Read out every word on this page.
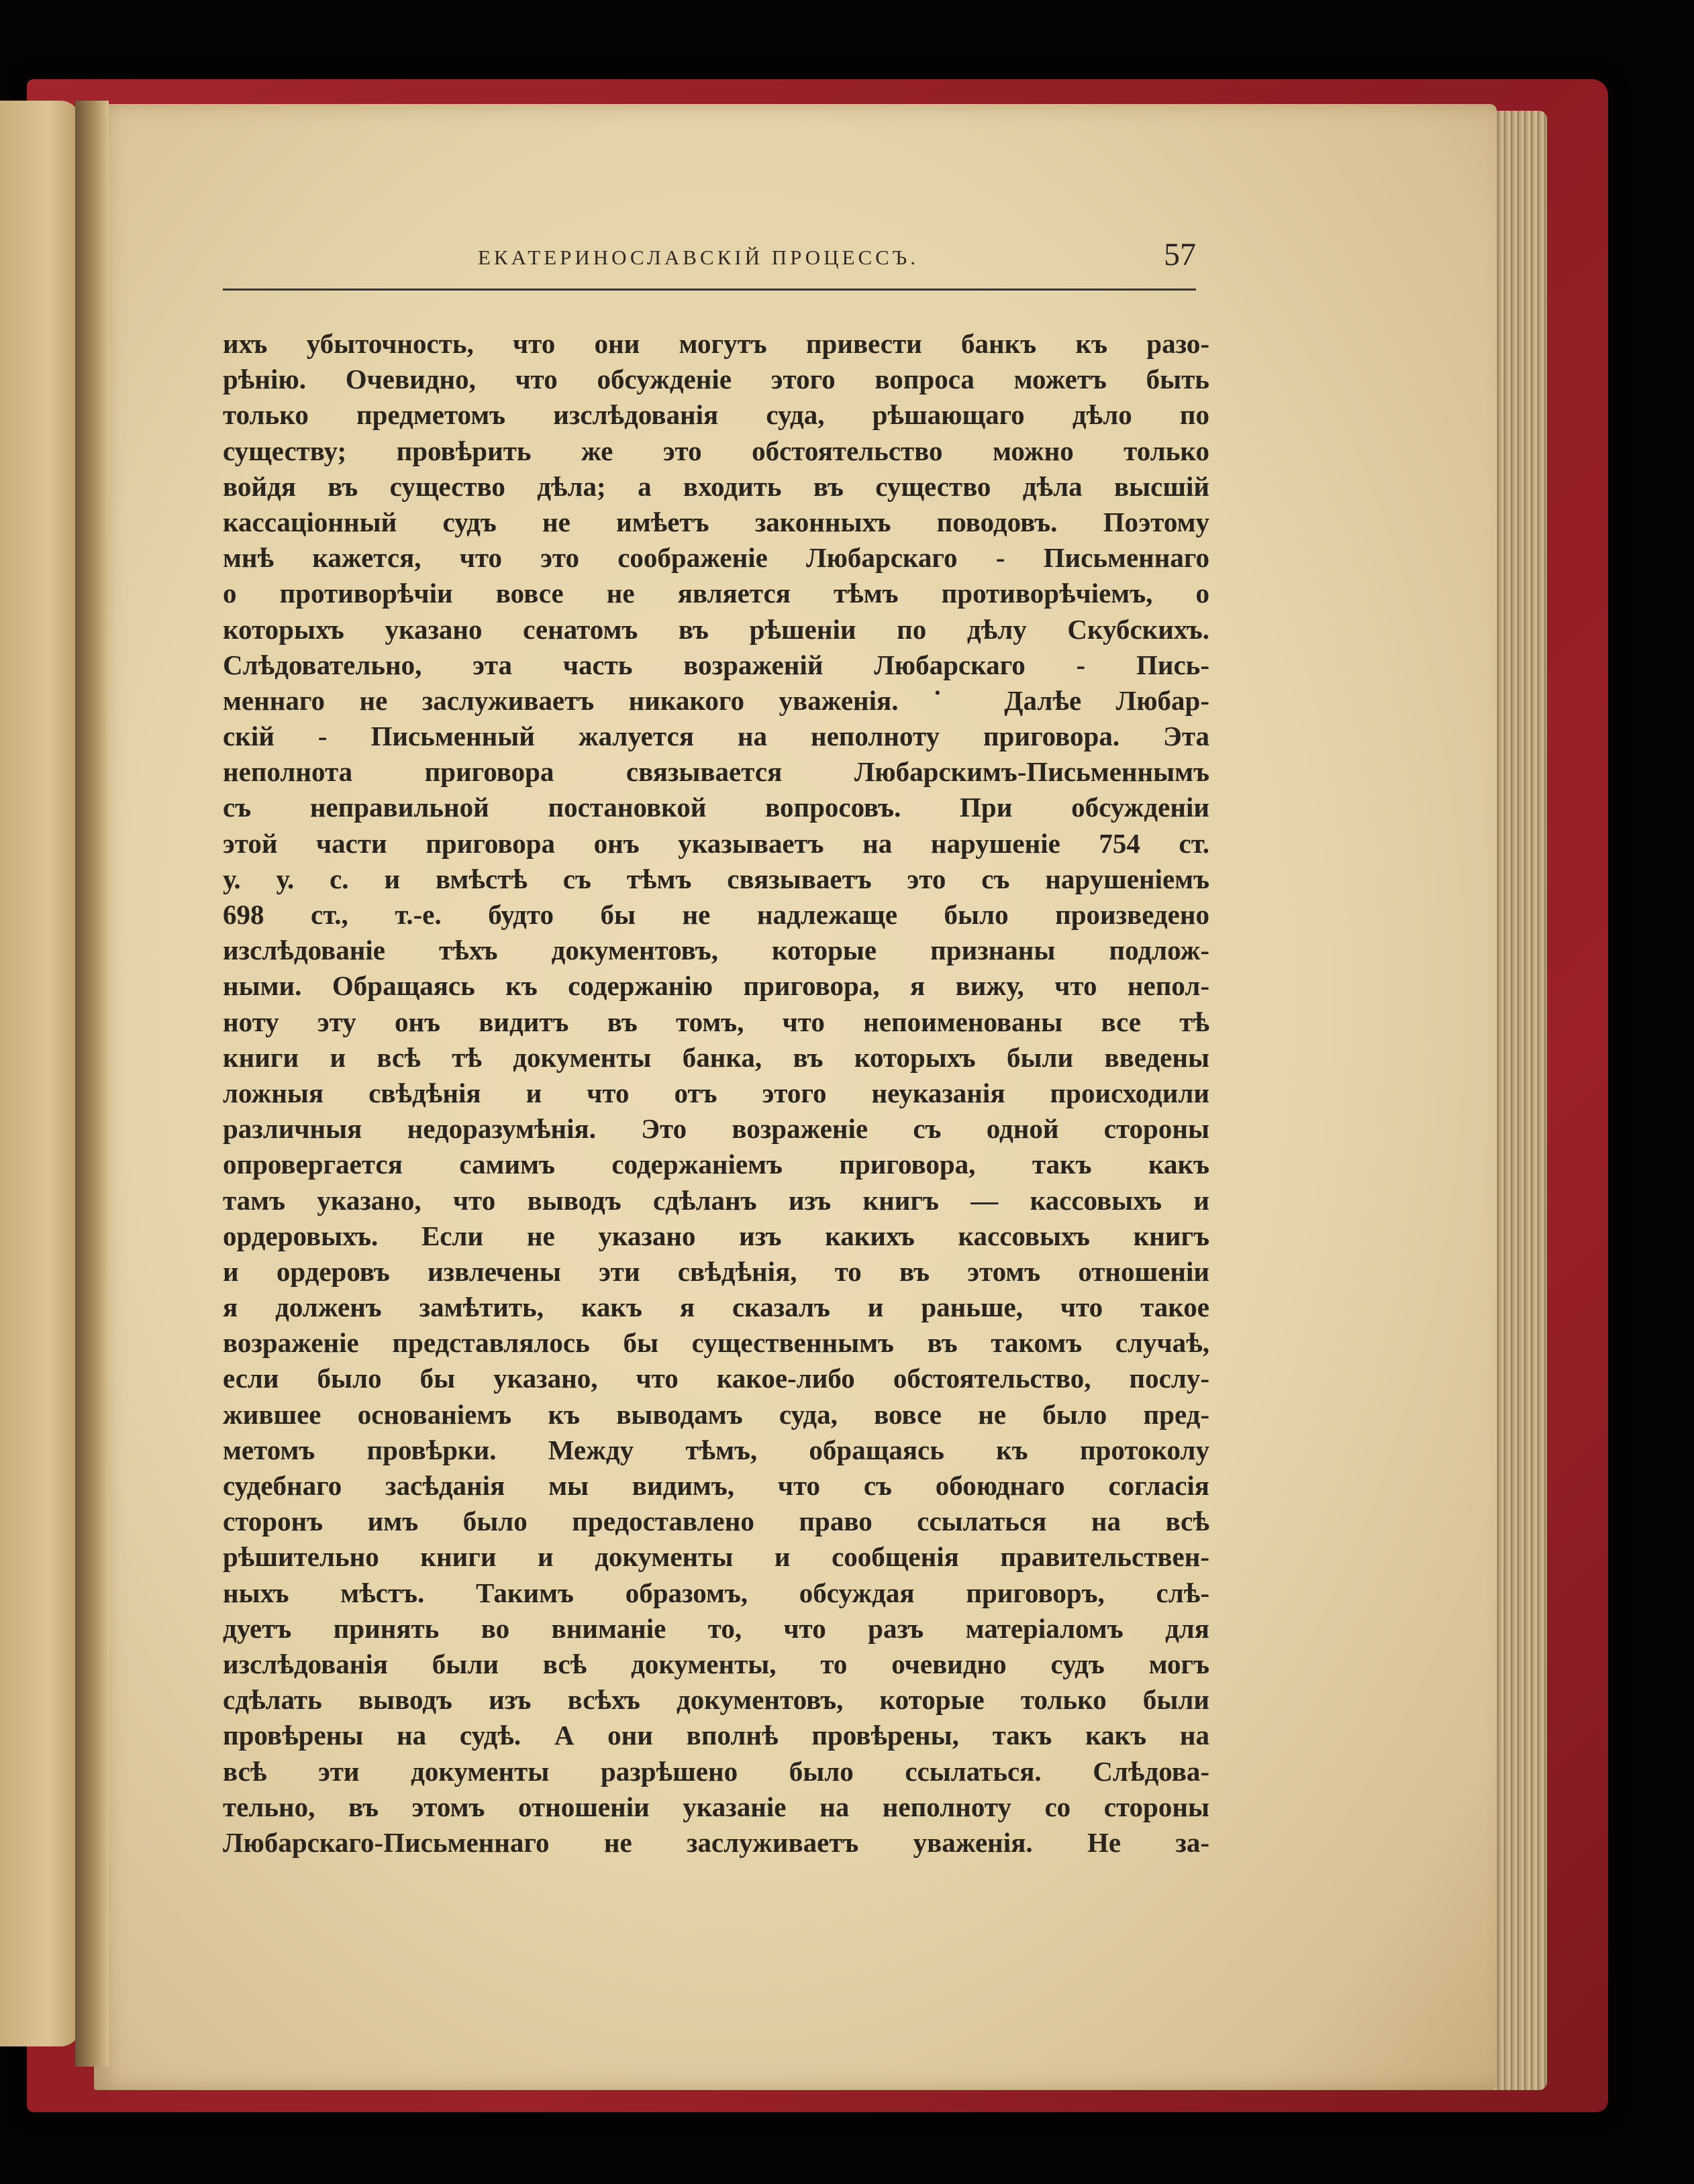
ЕКАТЕРИНОСЛАВСКІЙ ПРОЦЕССЪ.	57
ихъ убыточность, что они могутъ привести банкъ къ разо-
рѣнію. Очевидно, что обсужденіе этого вопроса можетъ быть
только предметомъ изслѣдованія суда, рѣшающаго дѣло по
существу; провѣрить же это обстоятельство можно только
войдя въ существо дѣла; а входить въ существо дѣла высшій
кассаціонный судъ не имѣетъ законныхъ поводовъ. Поэтому
мнѣ кажется, что это соображеніе Любарскаго - Письменнаго
о противорѣчіи вовсе не является тѣмъ противорѣчіемъ, о
которыхъ указано сенатомъ въ рѣшеніи по дѣлу Скубскихъ.
Слѣдовательно, эта часть возраженій Любарскаго - Пись-
меннаго не заслуживаетъ никакого уваженія. ˙ Далѣе Любар-
скій - Письменный жалуется на неполноту приговора. Эта
неполнота приговора связывается Любарскимъ-Письменнымъ
съ неправильной постановкой вопросовъ. При обсужденіи
этой части приговора онъ указываетъ на нарушеніе 754 ст.
у. у. с. и вмѣстѣ съ тѣмъ связываетъ это съ нарушеніемъ
698 ст., т.-е. будто бы не надлежаще было произведено
изслѣдованіе тѣхъ документовъ, которые признаны подлож-
ными. Обращаясь къ содержанію приговора, я вижу, что непол-
ноту эту онъ видитъ въ томъ, что непоименованы все тѣ
книги и всѣ тѣ документы банка, въ которыхъ были введены
ложныя свѣдѣнія и что отъ этого неуказанія происходили
различныя недоразумѣнія. Это возраженіе съ одной стороны
опровергается самимъ содержаніемъ приговора, такъ какъ
тамъ указано, что выводъ сдѣланъ изъ книгъ — кассовыхъ и
ордеровыхъ. Если не указано изъ какихъ кассовыхъ книгъ
и ордеровъ извлечены эти свѣдѣнія, то въ этомъ отношеніи
я долженъ замѣтить, какъ я сказалъ и раньше, что такое
возраженіе представлялось бы существеннымъ въ такомъ случаѣ,
если было бы указано, что какое-либо обстоятельство, послу-
жившее основаніемъ къ выводамъ суда, вовсе не было пред-
метомъ провѣрки. Между тѣмъ, обращаясь къ протоколу
судебнаго засѣданія мы видимъ, что съ обоюднаго согласія
сторонъ имъ было предоставлено право ссылаться на всѣ
рѣшительно книги и документы и сообщенія правительствен-
ныхъ мѣстъ. Такимъ образомъ, обсуждая приговоръ, слѣ-
дуетъ принять во вниманіе то, что разъ матеріаломъ для
изслѣдованія были всѣ документы, то очевидно судъ могъ
сдѣлать выводъ изъ всѣхъ документовъ, которые только были
провѣрены на судѣ. А они вполнѣ провѣрены, такъ какъ на
всѣ эти документы разрѣшено было ссылаться. Слѣдова-
тельно, въ этомъ отношеніи указаніе на неполноту со стороны
Любарскаго-Письменнаго не заслуживаетъ уваженія. Не за-
